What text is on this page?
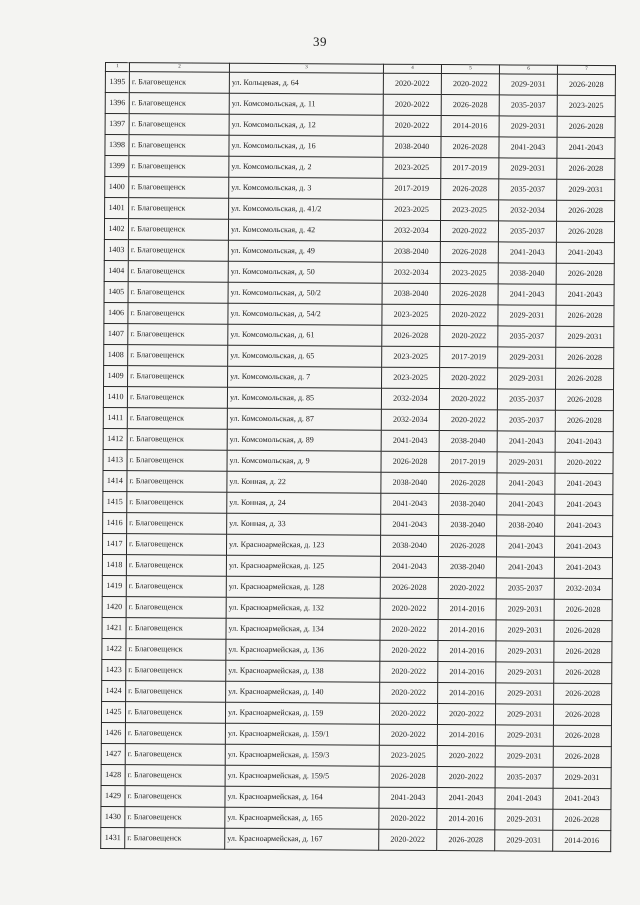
39
1	2	3	4	5	6	7
1395	г. Благовещенск	ул. Кольцевая, д. 64	2020-2022	2020-2022	2029-2031	2026-2028
1396	г. Благовещенск	ул. Комсомольская, д. 11	2020-2022	2026-2028	2035-2037	2023-2025
1397	г. Благовещенск	ул. Комсомольская, д. 12	2020-2022	2014-2016	2029-2031	2026-2028
1398	г. Благовещенск	ул. Комсомольская, д. 16	2038-2040	2026-2028	2041-2043	2041-2043
1399	г. Благовещенск	ул. Комсомольская, д. 2	2023-2025	2017-2019	2029-2031	2026-2028
1400	г. Благовещенск	ул. Комсомольская, д. 3	2017-2019	2026-2028	2035-2037	2029-2031
1401	г. Благовещенск	ул. Комсомольская, д. 41/2	2023-2025	2023-2025	2032-2034	2026-2028
1402	г. Благовещенск	ул. Комсомольская, д. 42	2032-2034	2020-2022	2035-2037	2026-2028
1403	г. Благовещенск	ул. Комсомольская, д. 49	2038-2040	2026-2028	2041-2043	2041-2043
1404	г. Благовещенск	ул. Комсомольская, д. 50	2032-2034	2023-2025	2038-2040	2026-2028
1405	г. Благовещенск	ул. Комсомольская, д. 50/2	2038-2040	2026-2028	2041-2043	2041-2043
1406	г. Благовещенск	ул. Комсомольская, д. 54/2	2023-2025	2020-2022	2029-2031	2026-2028
1407	г. Благовещенск	ул. Комсомольская, д. 61	2026-2028	2020-2022	2035-2037	2029-2031
1408	г. Благовещенск	ул. Комсомольская, д. 65	2023-2025	2017-2019	2029-2031	2026-2028
1409	г. Благовещенск	ул. Комсомольская, д. 7	2023-2025	2020-2022	2029-2031	2026-2028
1410	г. Благовещенск	ул. Комсомольская, д. 85	2032-2034	2020-2022	2035-2037	2026-2028
1411	г. Благовещенск	ул. Комсомольская, д. 87	2032-2034	2020-2022	2035-2037	2026-2028
1412	г. Благовещенск	ул. Комсомольская, д. 89	2041-2043	2038-2040	2041-2043	2041-2043
1413	г. Благовещенск	ул. Комсомольская, д. 9	2026-2028	2017-2019	2029-2031	2020-2022
1414	г. Благовещенск	ул. Конная, д. 22	2038-2040	2026-2028	2041-2043	2041-2043
1415	г. Благовещенск	ул. Конная, д. 24	2041-2043	2038-2040	2041-2043	2041-2043
1416	г. Благовещенск	ул. Конная, д. 33	2041-2043	2038-2040	2038-2040	2041-2043
1417	г. Благовещенск	ул. Красноармейская, д. 123	2038-2040	2026-2028	2041-2043	2041-2043
1418	г. Благовещенск	ул. Красноармейская, д. 125	2041-2043	2038-2040	2041-2043	2041-2043
1419	г. Благовещенск	ул. Красноармейская, д. 128	2026-2028	2020-2022	2035-2037	2032-2034
1420	г. Благовещенск	ул. Красноармейская, д. 132	2020-2022	2014-2016	2029-2031	2026-2028
1421	г. Благовещенск	ул. Красноармейская, д. 134	2020-2022	2014-2016	2029-2031	2026-2028
1422	г. Благовещенск	ул. Красноармейская, д. 136	2020-2022	2014-2016	2029-2031	2026-2028
1423	г. Благовещенск	ул. Красноармейская, д. 138	2020-2022	2014-2016	2029-2031	2026-2028
1424	г. Благовещенск	ул. Красноармейская, д. 140	2020-2022	2014-2016	2029-2031	2026-2028
1425	г. Благовещенск	ул. Красноармейская, д. 159	2020-2022	2020-2022	2029-2031	2026-2028
1426	г. Благовещенск	ул. Красноармейская, д. 159/1	2020-2022	2014-2016	2029-2031	2026-2028
1427	г. Благовещенск	ул. Красноармейская, д. 159/3	2023-2025	2020-2022	2029-2031	2026-2028
1428	г. Благовещенск	ул. Красноармейская, д. 159/5	2026-2028	2020-2022	2035-2037	2029-2031
1429	г. Благовещенск	ул. Красноармейская, д. 164	2041-2043	2041-2043	2041-2043	2041-2043
1430	г. Благовещенск	ул. Красноармейская, д. 165	2020-2022	2014-2016	2029-2031	2026-2028
1431	г. Благовещенск	ул. Красноармейская, д. 167	2020-2022	2026-2028	2029-2031	2014-2016
